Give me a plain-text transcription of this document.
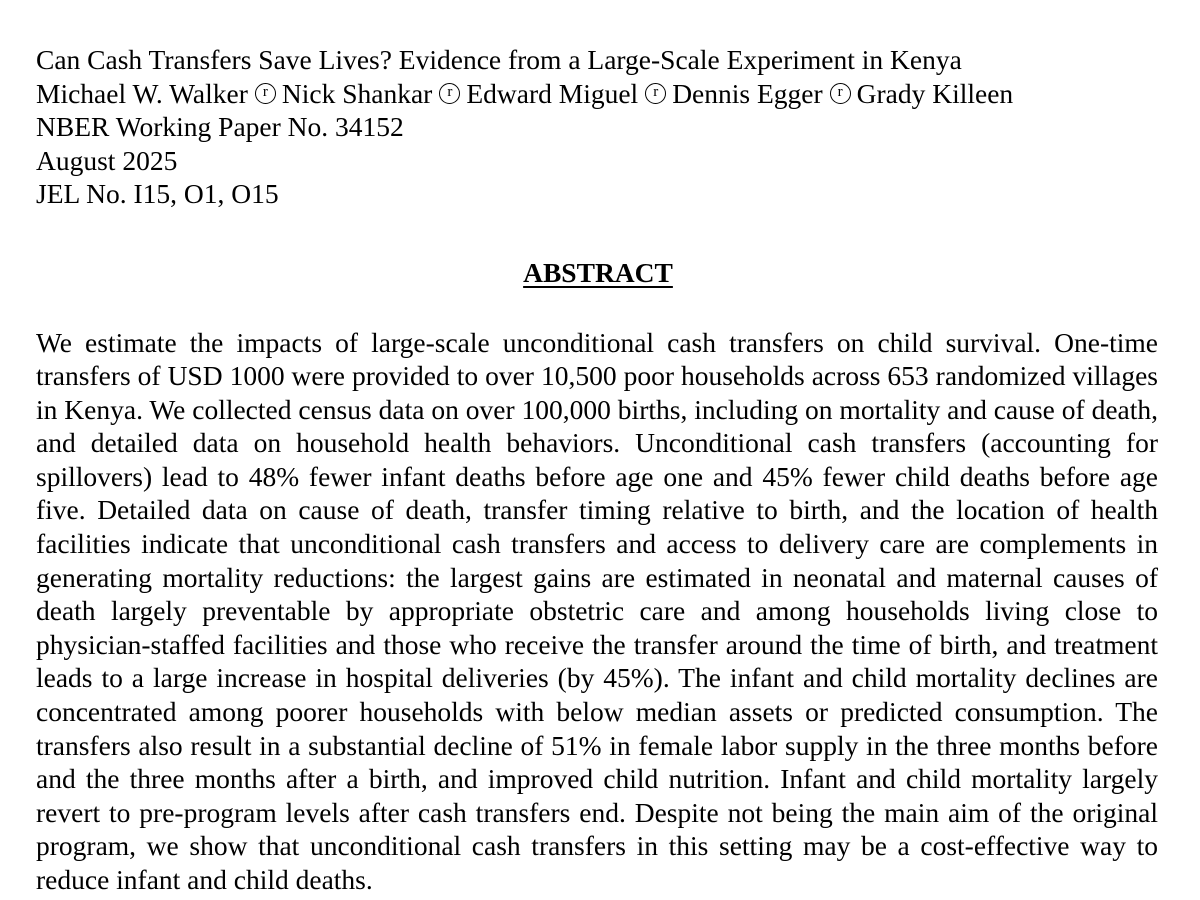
Can Cash Transfers Save Lives? Evidence from a Large-Scale Experiment in Kenya
Michael W. Walker	r Nick Shankar	r Edward Miguel	r Dennis Egger	r Grady Killeen
NBER Working Paper No. 34152
August 2025
JEL No. I15, O1, O15
ABSTRACT
We estimate the impacts of large-scale unconditional cash transfers on child survival. One-time transfers of USD 1000 were provided to over 10,500 poor households across 653 randomized villages in Kenya. We collected census data on over 100,000 births, including on mortality and cause of death, and detailed data on household health behaviors. Unconditional cash transfers (accounting for spillovers) lead to 48% fewer infant deaths before age one and 45% fewer child deaths before age five. Detailed data on cause of death, transfer timing relative to birth, and the location of health facilities indicate that unconditional cash transfers and access to delivery care are complements in generating mortality reductions: the largest gains are estimated in neonatal and maternal causes of death largely preventable by appropriate obstetric care and among households living close to physician-staffed facilities and those who receive the transfer around the time of birth, and treatment leads to a large increase in hospital deliveries (by 45%). The infant and child mortality declines are concentrated among poorer households with below median assets or predicted consumption. The transfers also result in a substantial decline of 51% in female labor supply in the three months before and the three months after a birth, and improved child nutrition. Infant and child mortality largely revert to pre-program levels after cash transfers end. Despite not being the main aim of the original program, we show that unconditional cash transfers in this setting may be a cost-effective way to reduce infant and child deaths.
